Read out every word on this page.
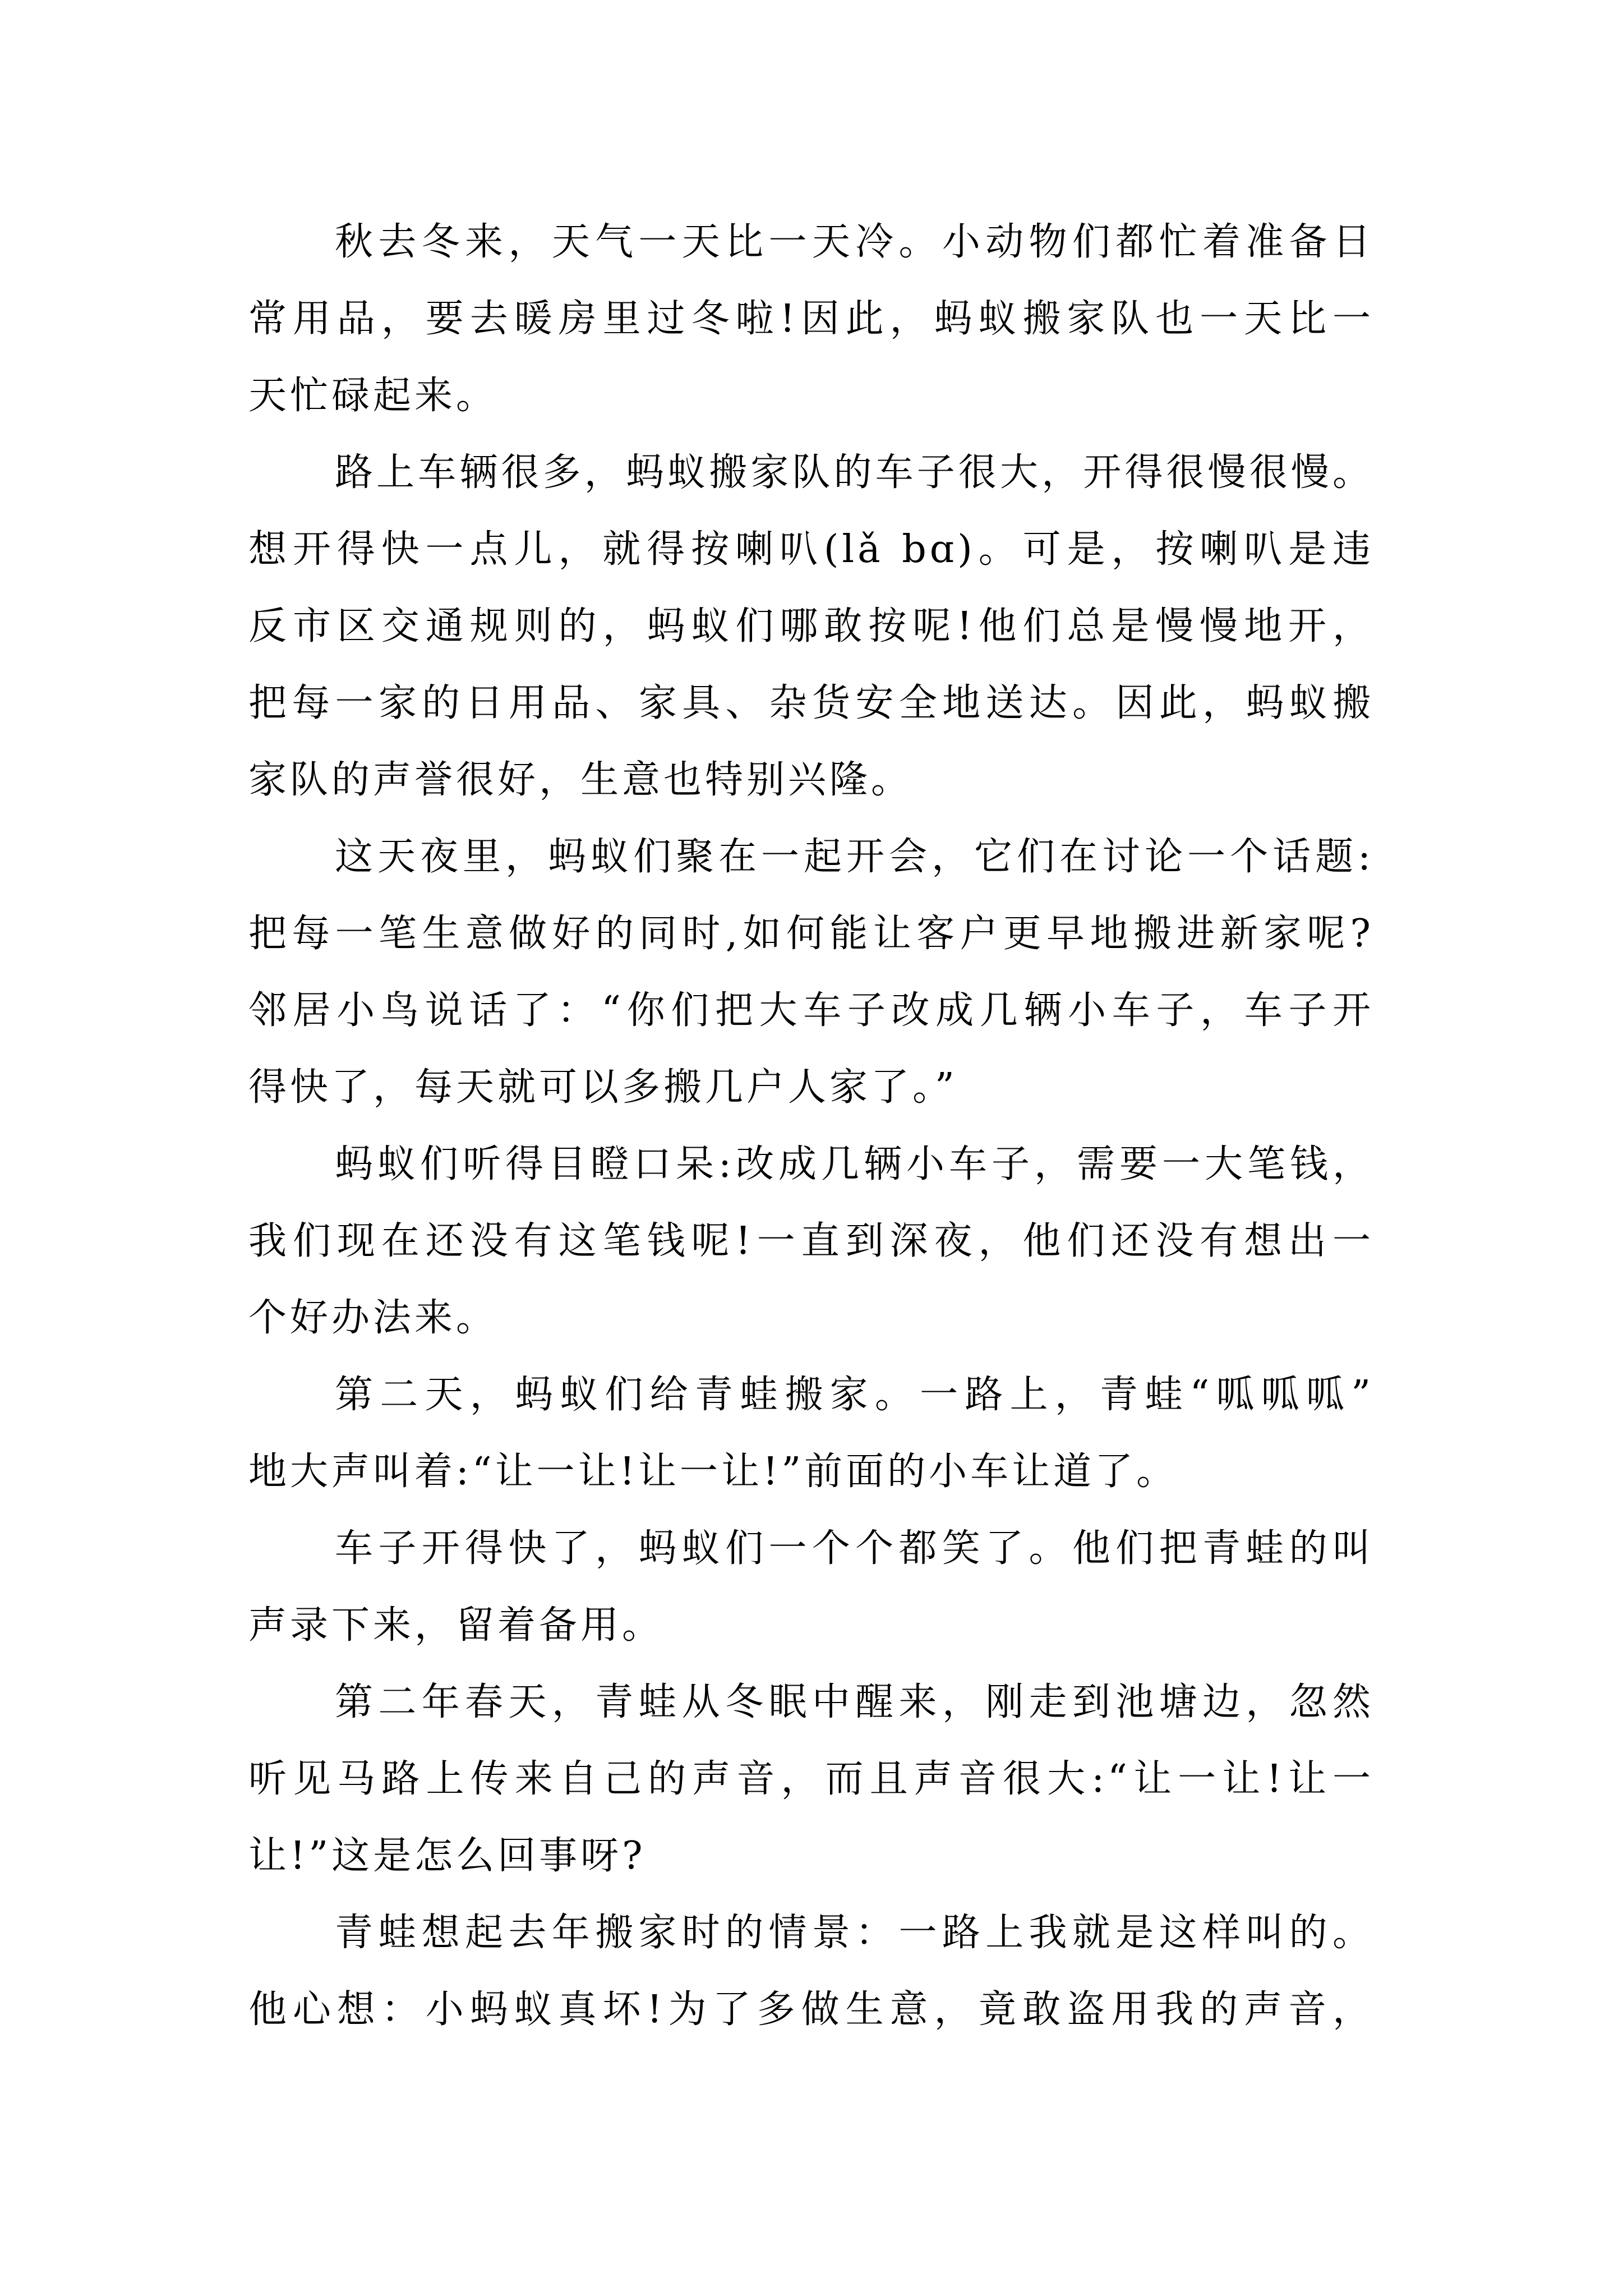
秋去冬来，天气一天比一天冷。小动物们都忙着准备日
常用品，要去暖房里过冬啦!因此，蚂蚁搬家队也一天比一
天忙碌起来。
路上车辆很多，蚂蚁搬家队的车子很大，开得很慢很慢。
想开得快一点儿，就得按喇叭(lǎ bɑ)。可是，按喇叭是违
反市区交通规则的，蚂蚁们哪敢按呢!他们总是慢慢地开，
把每一家的日用品、家具、杂货安全地送达。因此，蚂蚁搬
家队的声誉很好，生意也特别兴隆。
这天夜里，蚂蚁们聚在一起开会，它们在讨论一个话题:
把每一笔生意做好的同时,如何能让客户更早地搬进新家呢?
邻居小鸟说话了：“你们把大车子改成几辆小车子，车子开
得快了，每天就可以多搬几户人家了。”
蚂蚁们听得目瞪口呆:改成几辆小车子，需要一大笔钱，
我们现在还没有这笔钱呢!一直到深夜，他们还没有想出一
个好办法来。
第二天，蚂蚁们给青蛙搬家。一路上，青蛙“呱呱呱”
地大声叫着:“让一让!让一让!”前面的小车让道了。
车子开得快了，蚂蚁们一个个都笑了。他们把青蛙的叫
声录下来，留着备用。
第二年春天，青蛙从冬眠中醒来，刚走到池塘边，忽然
听见马路上传来自己的声音，而且声音很大:“让一让!让一
让!”这是怎么回事呀?
青蛙想起去年搬家时的情景：一路上我就是这样叫的。
他心想：小蚂蚁真坏!为了多做生意，竟敢盗用我的声音，
